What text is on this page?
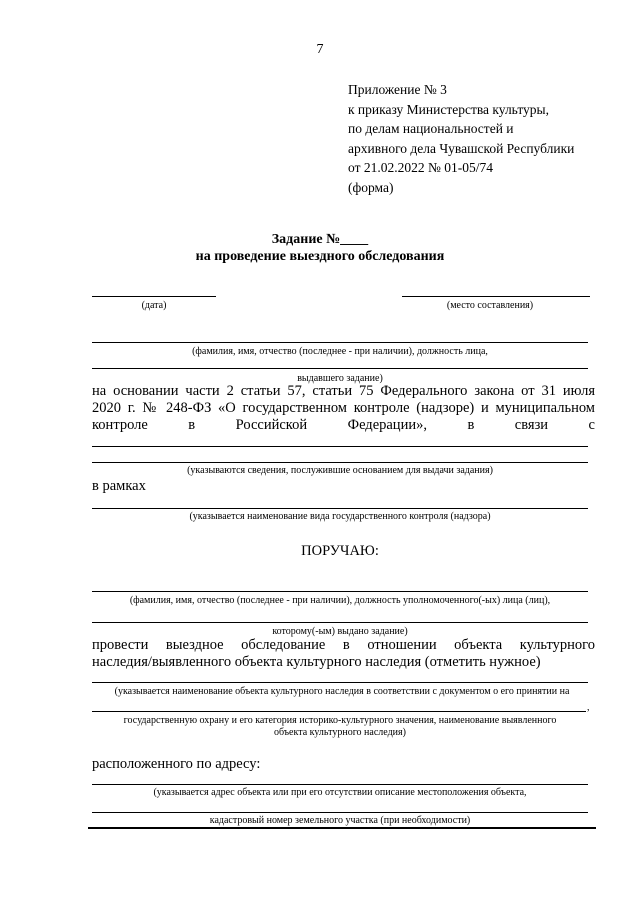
7
Приложение № 3
к приказу Министерства культуры,
по делам национальностей и
архивного дела Чувашской Республики
от 21.02.2022 № 01-05/74
(форма)
Задание №____
на проведение выездного обследования
(дата)	(место составления)
(фамилия, имя, отчество (последнее - при наличии), должность лица,
выдавшего задание)
на основании части 2 статьи 57, статьи 75 Федерального закона от 31 июля
2020 г. № 248-ФЗ «О государственном контроле (надзоре) и муниципальном
контроле в Российской Федерации», в связи с
(указываются сведения, послужившие основанием для выдачи задания)
в рамках
(указывается наименование вида государственного контроля (надзора)
ПОРУЧАЮ:
(фамилия, имя, отчество (последнее - при наличии), должность уполномоченного(-ых) лица (лиц),
которому(-ым) выдано задание)
провести выездное обследование в отношении объекта культурного
наследия/выявленного объекта культурного наследия (отметить нужное)
(указывается наименование объекта культурного наследия в соответствии с документом о его принятии на
,
государственную охрану и его категория историко-культурного значения, наименование выявленного
объекта культурного наследия)
расположенного по адресу:
(указывается адрес объекта или при его отсутствии описание местоположения объекта,
кадастровый номер земельного участка (при необходимости)
